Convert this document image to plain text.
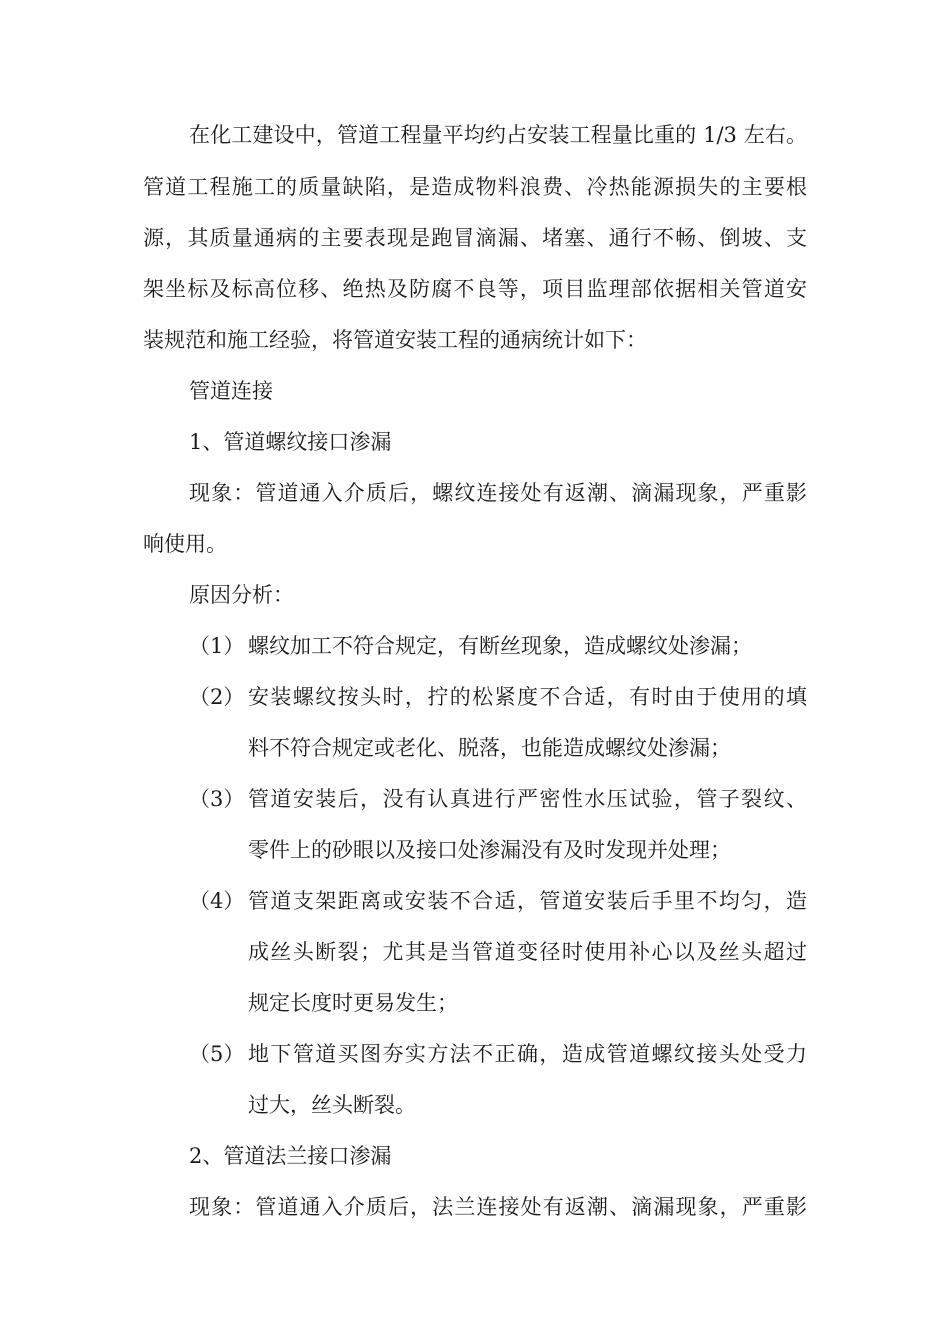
在化工建设中，管道工程量平均约占安装工程量比重的 1/3 左右。
管道工程施工的质量缺陷，是造成物料浪费、冷热能源损失的主要根
源，其质量通病的主要表现是跑冒滴漏、堵塞、通行不畅、倒坡、支
架坐标及标高位移、绝热及防腐不良等，项目监理部依据相关管道安
装规范和施工经验，将管道安装工程的通病统计如下：
管道连接
1、管道螺纹接口渗漏
现象：管道通入介质后，螺纹连接处有返潮、滴漏现象，严重影
响使用。
原因分析：
（1） 螺纹加工不符合规定，有断丝现象，造成螺纹处渗漏；
（2） 安装螺纹按头时，拧的松紧度不合适，有时由于使用的填
料不符合规定或老化、脱落，也能造成螺纹处渗漏；
（3） 管道安装后，没有认真进行严密性水压试验，管子裂纹、
零件上的砂眼以及接口处渗漏没有及时发现并处理；
（4） 管道支架距离或安装不合适，管道安装后手里不均匀，造
成丝头断裂；尤其是当管道变径时使用补心以及丝头超过
规定长度时更易发生；
（5） 地下管道买图夯实方法不正确，造成管道螺纹接头处受力
过大，丝头断裂。
2、管道法兰接口渗漏
现象：管道通入介质后，法兰连接处有返潮、滴漏现象，严重影
